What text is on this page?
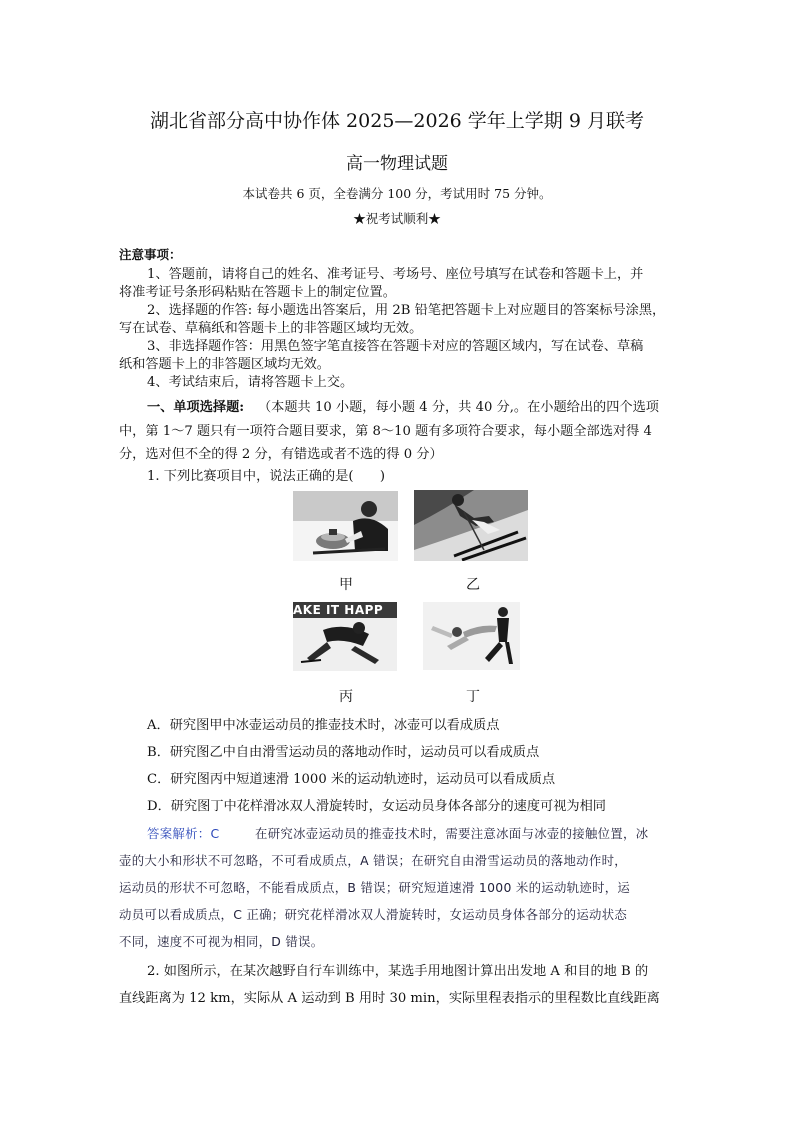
湖北省部分高中协作体 2025—2026 学年上学期 9 月联考
高一物理试题
本试卷共 6 页，全卷满分 100 分，考试用时 75 分钟。
★祝考试顺利★
注意事项：
1、答题前，请将自己的姓名、准考证号、考场号、座位号填写在试卷和答题卡上，并
将准考证号条形码粘贴在答题卡上的制定位置。
2、选择题的作答: 每小题选出答案后，用 2B 铅笔把答题卡上对应题目的答案标号涂黑，
写在试卷、草稿纸和答题卡上的非答题区域均无效。
3、非选择题作答：用黑色签字笔直接答在答题卡对应的答题区域内，写在试卷、草稿
纸和答题卡上的非答题区域均无效。
4、考试结束后，请将答题卡上交。
一、单项选择题: （本题共 10 小题，每小题 4 分，共 40 分,。在小题给出的四个选项
中，第 1～7 题只有一项符合题目要求，第 8～10 题有多项符合要求，每小题全部选对得 4
分，选对但不全的得 2 分，有错选或者不选的得 0 分）
1. 下列比赛项目中，说法正确的是(　　)
甲	乙
AKE IT HAPP
丙	丁
A．研究图甲中冰壶运动员的推壶技术时，冰壶可以看成质点
B．研究图乙中自由滑雪运动员的落地动作时，运动员可以看成质点
C．研究图丙中短道速滑 1000 米的运动轨迹时，运动员可以看成质点
D．研究图丁中花样滑冰双人滑旋转时，女运动员身体各部分的速度可视为相同
答案解析：C	在研究冰壶运动员的推壶技术时，需要注意冰面与冰壶的接触位置，冰
壶的大小和形状不可忽略，不可看成质点，A 错误；在研究自由滑雪运动员的落地动作时，
运动员的形状不可忽略，不能看成质点，B 错误；研究短道速滑 1000 米的运动轨迹时，运
动员可以看成质点，C 正确；研究花样滑冰双人滑旋转时，女运动员身体各部分的运动状态
不同，速度不可视为相同，D 错误。
2. 如图所示，在某次越野自行车训练中，某选手用地图计算出出发地 A 和目的地 B 的
直线距离为 12 km，实际从 A 运动到 B 用时 30 min，实际里程表指示的里程数比直线距离
